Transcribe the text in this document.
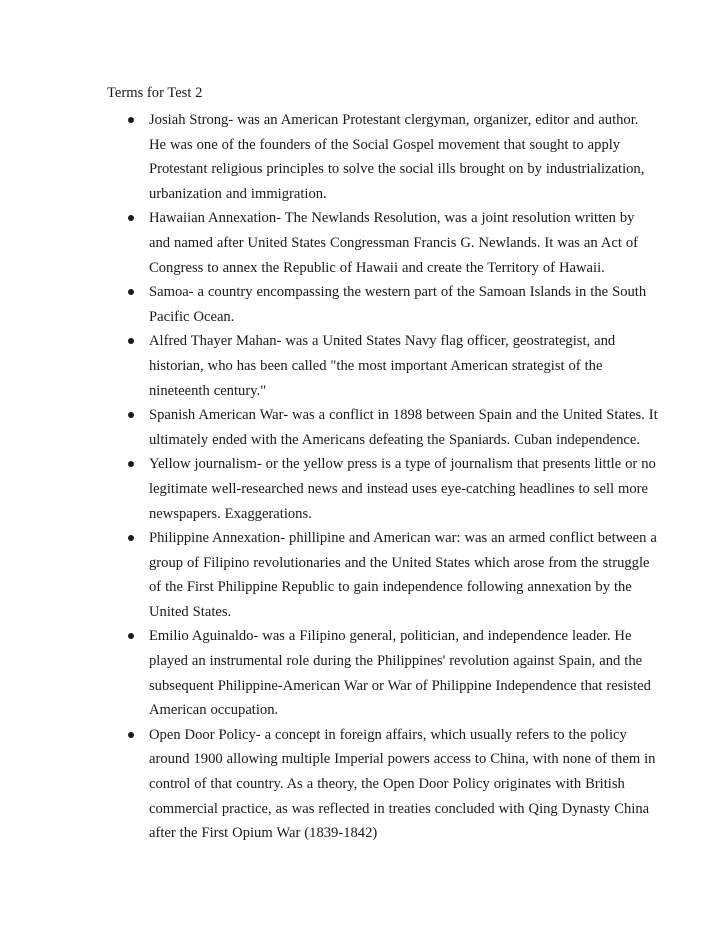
Terms for Test 2
Josiah Strong- was an American Protestant clergyman, organizer, editor and author. He was one of the founders of the Social Gospel movement that sought to apply Protestant religious principles to solve the social ills brought on by industrialization, urbanization and immigration.
Hawaiian Annexation- The Newlands Resolution, was a joint resolution written by and named after United States Congressman Francis G. Newlands. It was an Act of Congress to annex the Republic of Hawaii and create the Territory of Hawaii.
Samoa- a country encompassing the western part of the Samoan Islands in the South Pacific Ocean.
Alfred Thayer Mahan- was a United States Navy flag officer, geostrategist, and historian, who has been called "the most important American strategist of the nineteenth century."
Spanish American War- was a conflict in 1898 between Spain and the United States. It ultimately ended with the Americans defeating the Spaniards. Cuban independence.
Yellow journalism- or the yellow press is a type of journalism that presents little or no legitimate well-researched news and instead uses eye-catching headlines to sell more newspapers. Exaggerations.
Philippine Annexation- phillipine and American war: was an armed conflict between a group of Filipino revolutionaries and the United States which arose from the struggle of the First Philippine Republic to gain independence following annexation by the United States.
Emilio Aguinaldo- was a Filipino general, politician, and independence leader. He played an instrumental role during the Philippines' revolution against Spain, and the subsequent Philippine-American War or War of Philippine Independence that resisted American occupation.
Open Door Policy- a concept in foreign affairs, which usually refers to the policy around 1900 allowing multiple Imperial powers access to China, with none of them in control of that country. As a theory, the Open Door Policy originates with British commercial practice, as was reflected in treaties concluded with Qing Dynasty China after the First Opium War (1839-1842)
